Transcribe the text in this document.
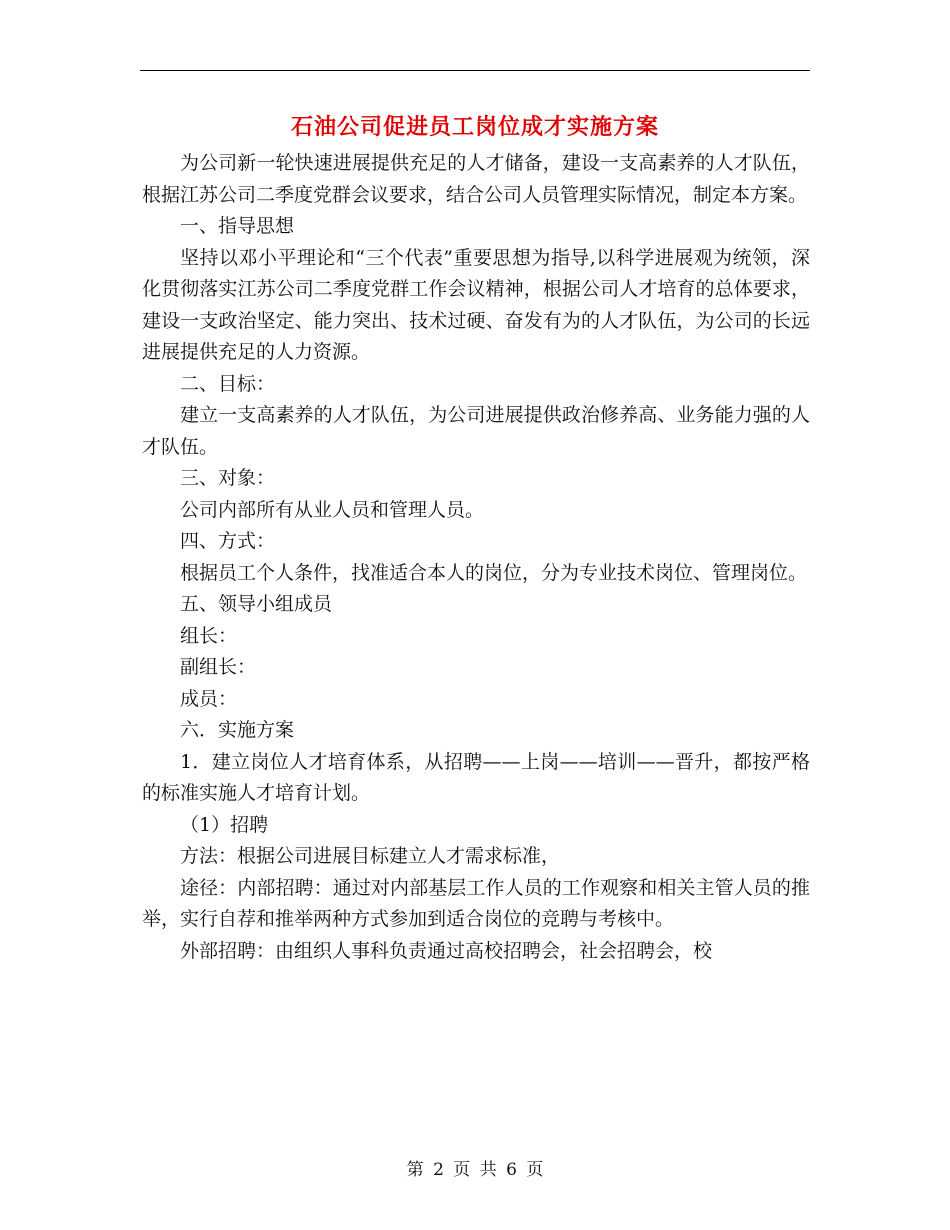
石油公司促进员工岗位成才实施方案

为公司新一轮快速进展提供充足的人才储备，建设一支高素养的人才队伍，根据江苏公司二季度党群会议要求，结合公司人员管理实际情况，制定本方案。

一、指导思想

坚持以邓小平理论和“三个代表”重要思想为指导,以科学进展观为统领，深化贯彻落实江苏公司二季度党群工作会议精神，根据公司人才培育的总体要求，建设一支政治坚定、能力突出、技术过硬、奋发有为的人才队伍，为公司的长远进展提供充足的人力资源。

二、目标：

建立一支高素养的人才队伍，为公司进展提供政治修养高、业务能力强的人才队伍。

三、对象：

公司内部所有从业人员和管理人员。

四、方式：

根据员工个人条件，找准适合本人的岗位，分为专业技术岗位、管理岗位。

五、领导小组成员

组长：

副组长：

成员：

六．实施方案

1．建立岗位人才培育体系，从招聘——上岗——培训——晋升，都按严格的标准实施人才培育计划。

（1）招聘

方法：根据公司进展目标建立人才需求标准，

途径：内部招聘：通过对内部基层工作人员的工作观察和相关主管人员的推举，实行自荐和推举两种方式参加到适合岗位的竞聘与考核中。

外部招聘：由组织人事科负责通过高校招聘会，社会招聘会，校

第 2 页 共 6 页
